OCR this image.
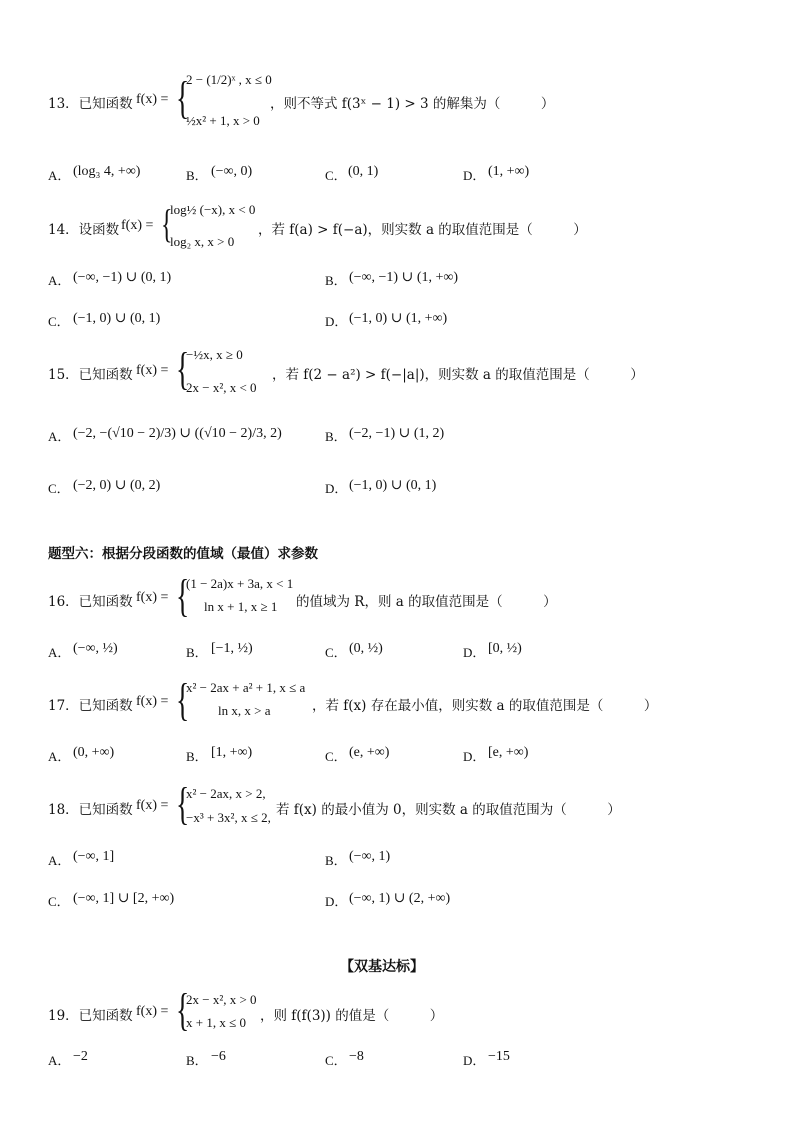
13．已知函数 f(x) = {
2 − (1/2)ˣ , x ≤ 0
½x² + 1, x > 0
，则不等式 f(3ˣ − 1) > 3 的解集为（　　　）
A． (log₃ 4, +∞)	B． (−∞, 0)	C． (0, 1)	D． (1, +∞)
14．设函数 f(x) = {
log½ (−x), x < 0
log₂ x, x > 0
，若 f(a) > f(−a)，则实数 a 的取值范围是（　　　）
A． (−∞, −1) ∪ (0, 1)	B． (−∞, −1) ∪ (1, +∞)
C． (−1, 0) ∪ (0, 1)	D． (−1, 0) ∪ (1, +∞)
15．已知函数 f(x) = {
−½x, x ≥ 0
2x − x², x < 0
，若 f(2 − a²) > f(−|a|)，则实数 a 的取值范围是（　　　）
A． (−2, −(√10 − 2)/3) ∪ ((√10 − 2)/3, 2)	B． (−2, −1) ∪ (1, 2)
C． (−2, 0) ∪ (0, 2)	D． (−1, 0) ∪ (0, 1)
题型六：根据分段函数的值域（最值）求参数
16．已知函数 f(x) = {
(1 − 2a)x + 3a, x < 1
ln x + 1, x ≥ 1 的值域为 R，则 a 的取值范围是（　　　）
A． (−∞, ½)	B． [−1, ½)	C． (0, ½)	D． [0, ½)
17．已知函数 f(x) = {
x² − 2ax + a² + 1, x ≤ a
ln x, x > a	，若 f(x) 存在最小值，则实数 a 的取值范围是（　　　）
A． (0, +∞)	B． [1, +∞)	C． (e, +∞)	D． [e, +∞)
18．已知函数 f(x) = {
x² − 2ax, x > 2,
−x³ + 3x², x ≤ 2, 若 f(x) 的最小值为 0，则实数 a 的取值范围为（　　　）
A． (−∞, 1]	B． (−∞, 1)
C． (−∞, 1] ∪ [2, +∞)	D． (−∞, 1) ∪ (2, +∞)
【双基达标】
19．已知函数 f(x) = {
2x − x², x > 0
x + 1, x ≤ 0 ，则 f(f(3)) 的值是（　　　）
A． −2	B． −6	C． −8	D． −15
